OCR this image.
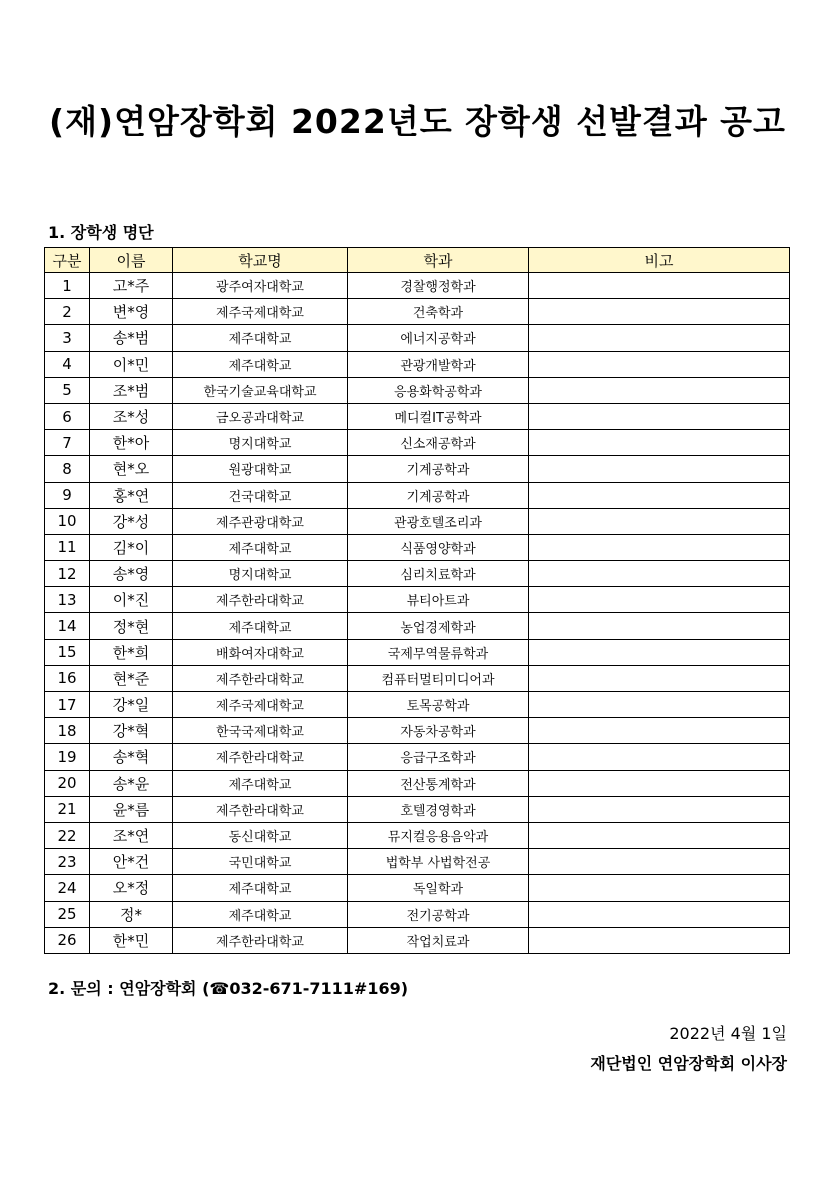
(재)연암장학회 2022년도 장학생 선발결과 공고
1. 장학생 명단
구분	이름	학교명	학과	비고
1	고*주	광주여자대학교	경찰행정학과	
2	변*영	제주국제대학교	건축학과	
3	송*범	제주대학교	에너지공학과	
4	이*민	제주대학교	관광개발학과	
5	조*범	한국기술교육대학교	응용화학공학과	
6	조*성	금오공과대학교	메디컬IT공학과	
7	한*아	명지대학교	신소재공학과	
8	현*오	원광대학교	기계공학과	
9	홍*연	건국대학교	기계공학과	
10	강*성	제주관광대학교	관광호텔조리과	
11	김*이	제주대학교	식품영양학과	
12	송*영	명지대학교	심리치료학과	
13	이*진	제주한라대학교	뷰티아트과	
14	정*현	제주대학교	농업경제학과	
15	한*희	배화여자대학교	국제무역물류학과	
16	현*준	제주한라대학교	컴퓨터멀티미디어과	
17	강*일	제주국제대학교	토목공학과	
18	강*혁	한국국제대학교	자동차공학과	
19	송*혁	제주한라대학교	응급구조학과	
20	송*윤	제주대학교	전산통계학과	
21	윤*름	제주한라대학교	호텔경영학과	
22	조*연	동신대학교	뮤지컬응용음악과	
23	안*건	국민대학교	법학부 사법학전공	
24	오*정	제주대학교	독일학과	
25	정*	제주대학교	전기공학과	
26	한*민	제주한라대학교	작업치료과	
2. 문의 : 연암장학회 (☎032-671-7111#169)
2022년 4월 1일
재단법인 연암장학회 이사장
